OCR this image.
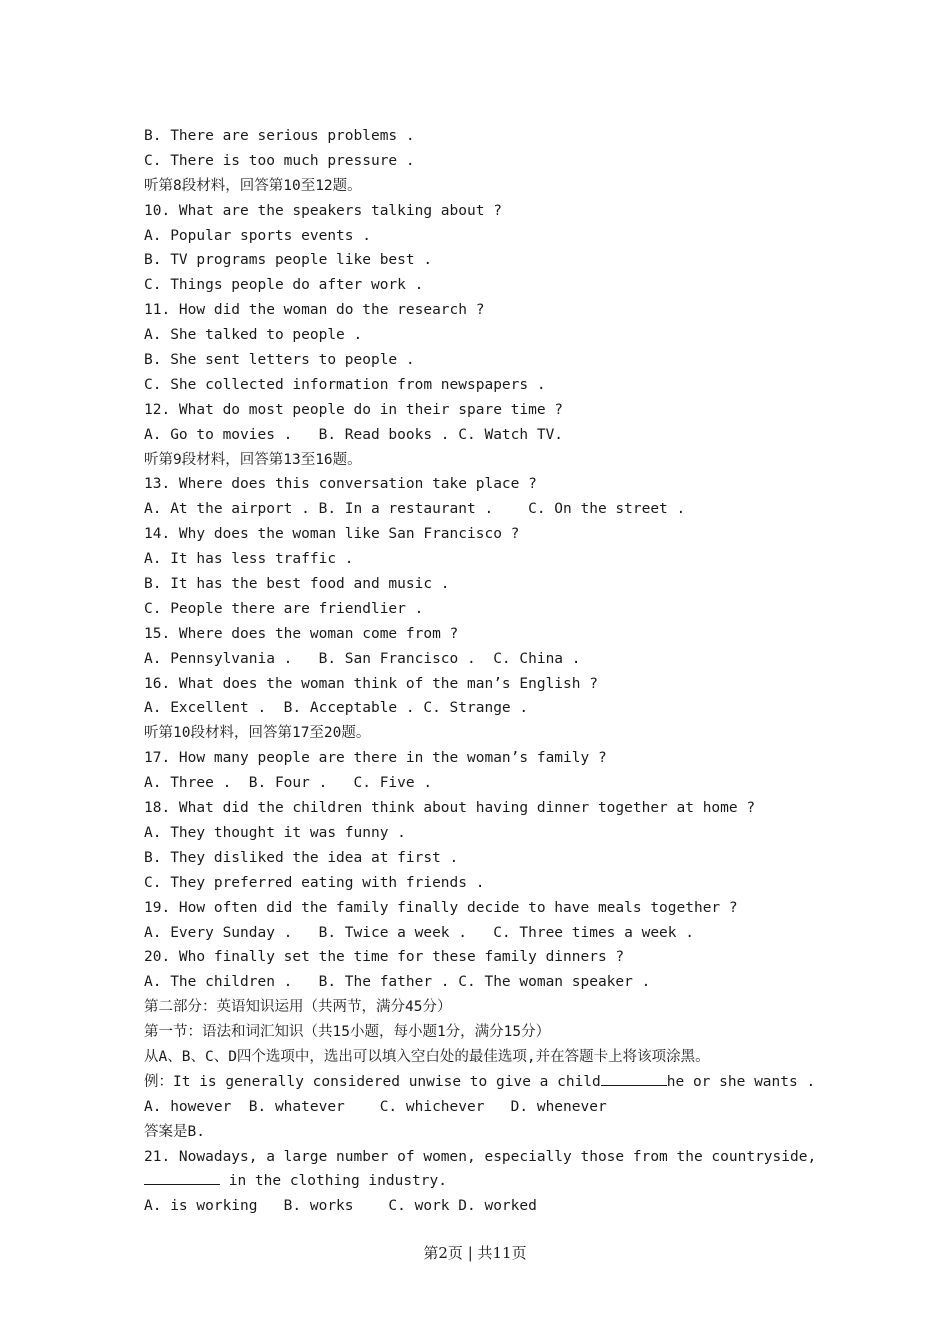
B. There are serious problems .
C. There is too much pressure .
听第8段材料，回答第10至12题。
10. What are the speakers talking about ?
A. Popular sports events .
B. TV programs people like best .
C. Things people do after work .
11. How did the woman do the research ?
A. She talked to people .
B. She sent letters to people .
C. She collected information from newspapers .
12. What do most people do in their spare time ?
A. Go to movies .   B. Read books . C. Watch TV.
听第9段材料，回答第13至16题。
13. Where does this conversation take place ?
A. At the airport . B. In a restaurant .    C. On the street .
14. Why does the woman like San Francisco ?
A. It has less traffic .
B. It has the best food and music .
C. People there are friendlier .
15. Where does the woman come from ?
A. Pennsylvania .   B. San Francisco .  C. China .
16. What does the woman think of the man’s English ?
A. Excellent .  B. Acceptable . C. Strange .
听第10段材料，回答第17至20题。
17. How many people are there in the woman’s family ?
A. Three .  B. Four .   C. Five .
18. What did the children think about having dinner together at home ?
A. They thought it was funny .
B. They disliked the idea at first .
C. They preferred eating with friends .
19. How often did the family finally decide to have meals together ?
A. Every Sunday .   B. Twice a week .   C. Three times a week .
20. Who finally set the time for these family dinners ?
A. The children .   B. The father . C. The woman speaker .
第二部分：英语知识运用（共两节，满分45分）
第一节：语法和词汇知识（共15小题，每小题1分，满分15分）
从A、B、C、D四个选项中，选出可以填入空白处的最佳选项,并在答题卡上将该项涂黑。
例：It is generally considered unwise to give a child	he or she wants .
A. however  B. whatever    C. whichever   D. whenever
答案是B.
21. Nowadays, a large number of women, especially those from the countryside,
in the clothing industry.
A. is working   B. works    C. work D. worked
第2页 | 共11页
